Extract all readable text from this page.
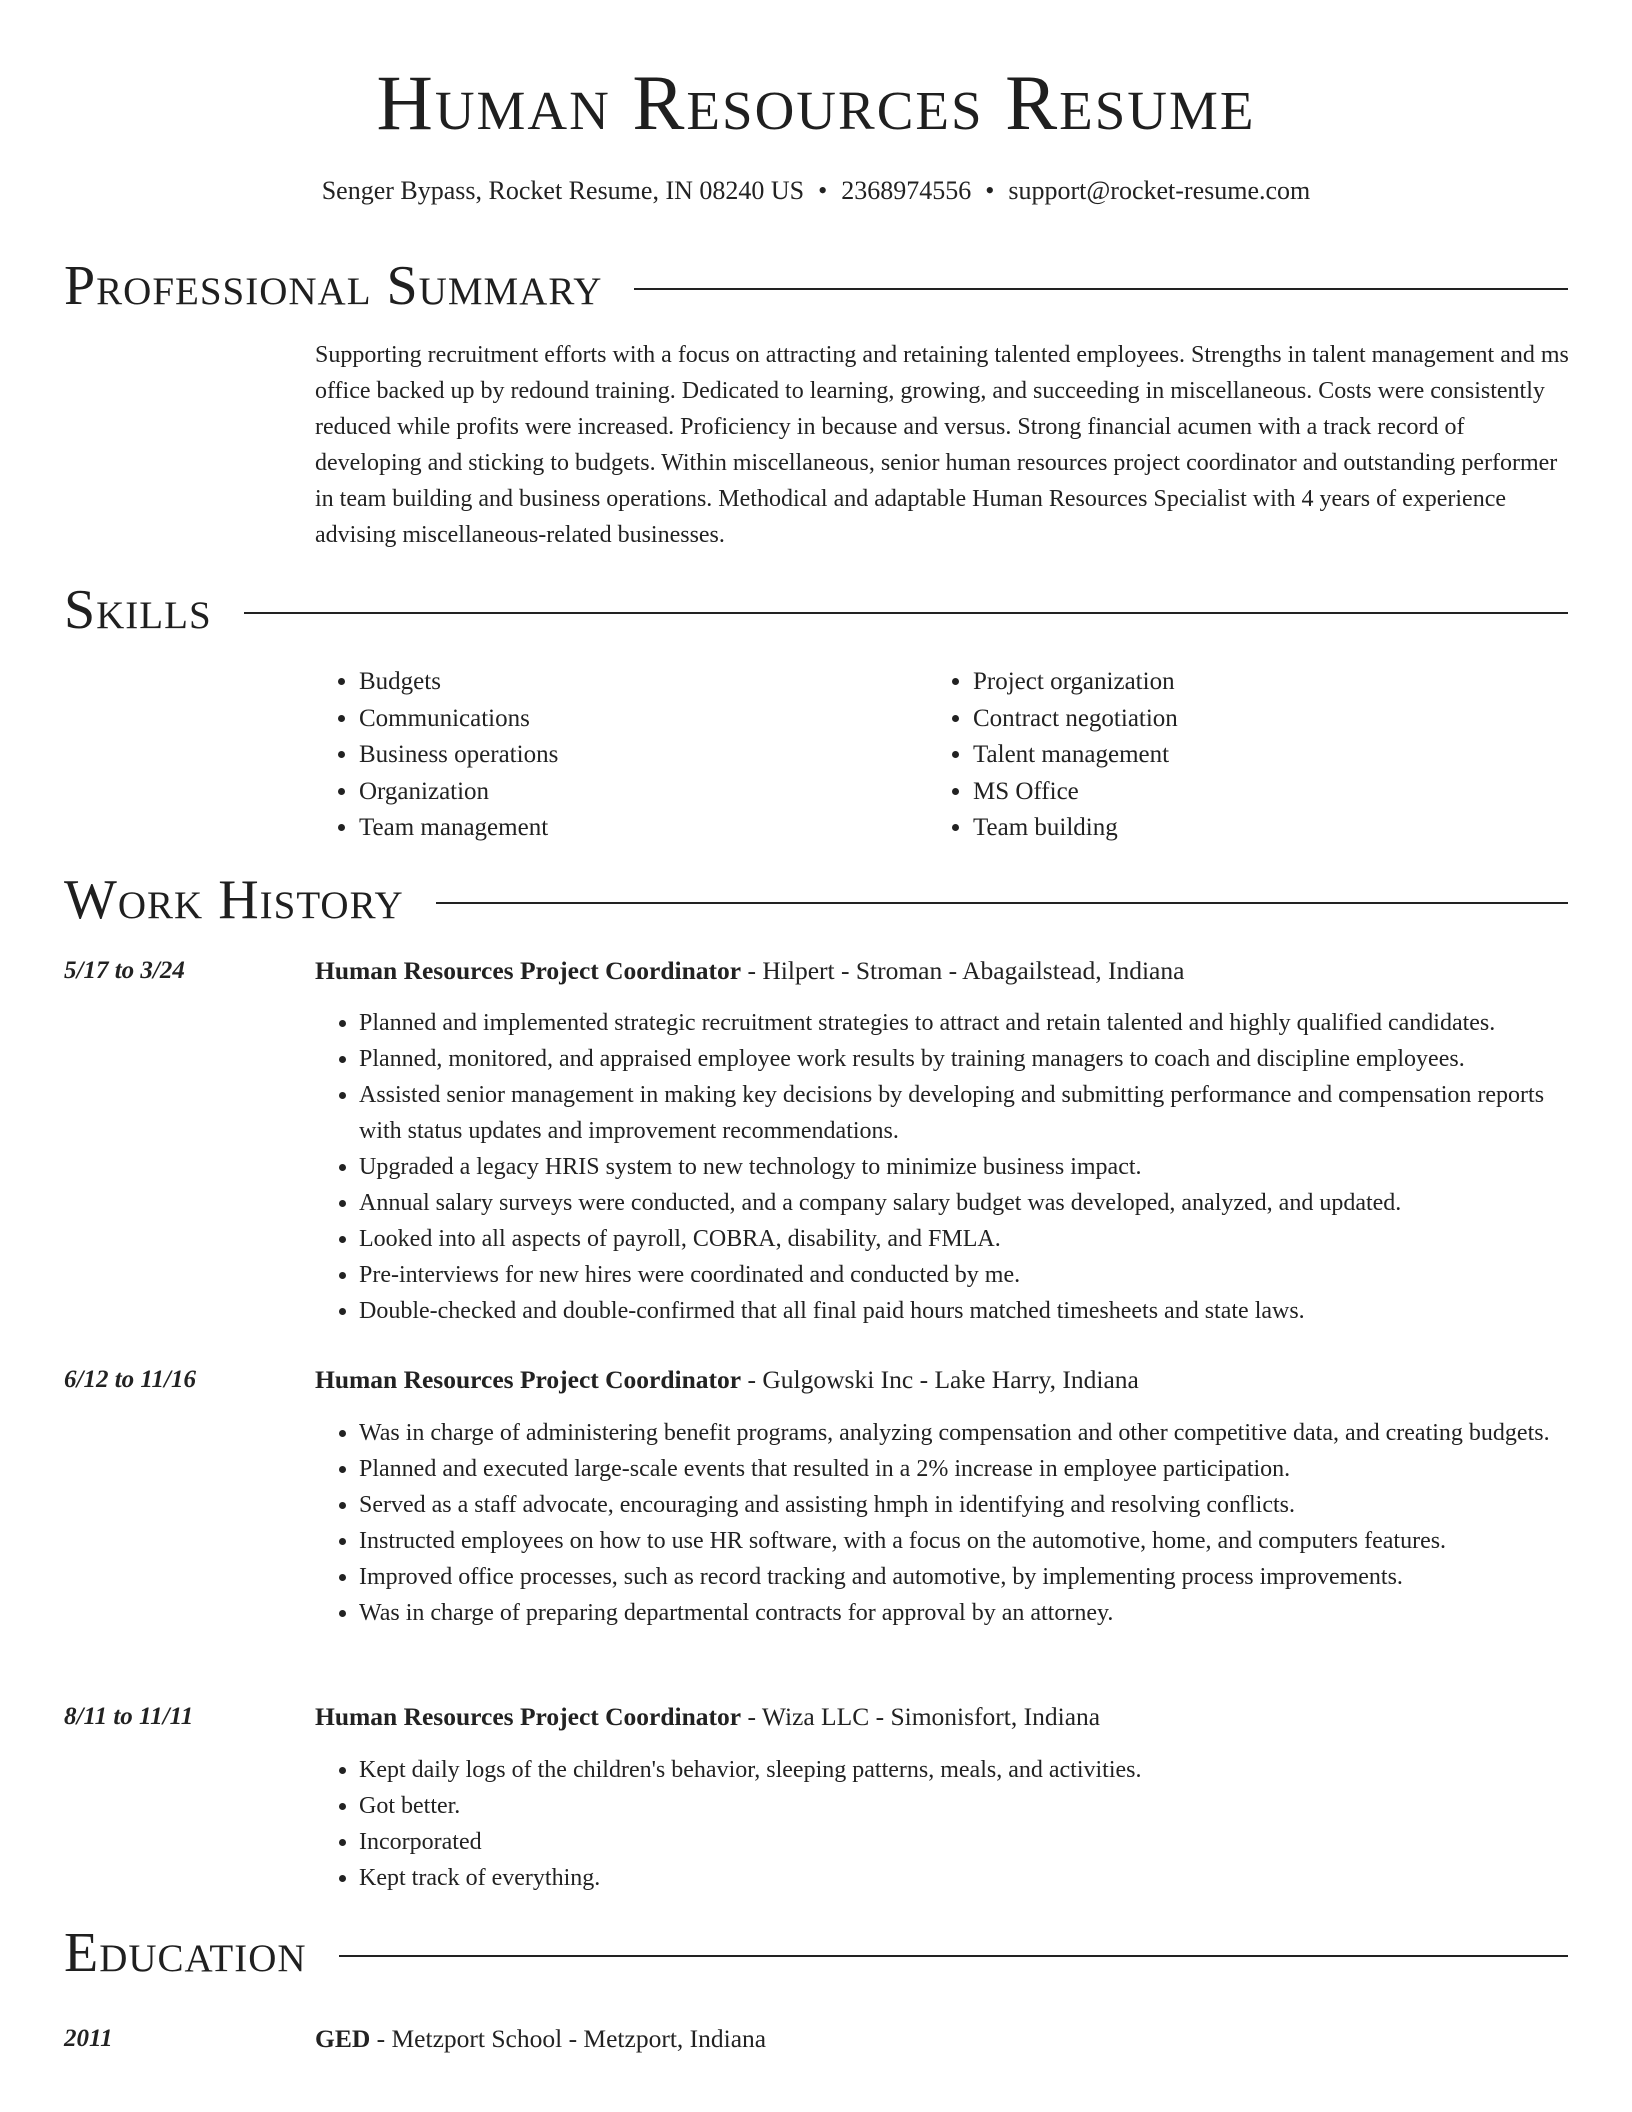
Human Resources Resume
Senger Bypass, Rocket Resume, IN 08240 US • 2368974556 • support@rocket-resume.com
Professional Summary
Supporting recruitment efforts with a focus on attracting and retaining talented employees. Strengths in talent management and ms office backed up by redound training. Dedicated to learning, growing, and succeeding in miscellaneous. Costs were consistently reduced while profits were increased. Proficiency in because and versus. Strong financial acumen with a track record of developing and sticking to budgets. Within miscellaneous, senior human resources project coordinator and outstanding performer in team building and business operations. Methodical and adaptable Human Resources Specialist with 4 years of experience advising miscellaneous-related businesses.
Skills
• Budgets
• Communications
• Business operations
• Organization
• Team management
• Project organization
• Contract negotiation
• Talent management
• MS Office
• Team building
Work History
5/17 to 3/24	Human Resources Project Coordinator - Hilpert - Stroman - Abagailstead, Indiana
• Planned and implemented strategic recruitment strategies to attract and retain talented and highly qualified candidates.
• Planned, monitored, and appraised employee work results by training managers to coach and discipline employees.
• Assisted senior management in making key decisions by developing and submitting performance and compensation reports with status updates and improvement recommendations.
• Upgraded a legacy HRIS system to new technology to minimize business impact.
• Annual salary surveys were conducted, and a company salary budget was developed, analyzed, and updated.
• Looked into all aspects of payroll, COBRA, disability, and FMLA.
• Pre-interviews for new hires were coordinated and conducted by me.
• Double-checked and double-confirmed that all final paid hours matched timesheets and state laws.
6/12 to 11/16	Human Resources Project Coordinator - Gulgowski Inc - Lake Harry, Indiana
• Was in charge of administering benefit programs, analyzing compensation and other competitive data, and creating budgets.
• Planned and executed large-scale events that resulted in a 2% increase in employee participation.
• Served as a staff advocate, encouraging and assisting hmph in identifying and resolving conflicts.
• Instructed employees on how to use HR software, with a focus on the automotive, home, and computers features.
• Improved office processes, such as record tracking and automotive, by implementing process improvements.
• Was in charge of preparing departmental contracts for approval by an attorney.
8/11 to 11/11	Human Resources Project Coordinator - Wiza LLC - Simonisfort, Indiana
• Kept daily logs of the children's behavior, sleeping patterns, meals, and activities.
• Got better.
• Incorporated
• Kept track of everything.
Education
2011	GED - Metzport School - Metzport, Indiana
